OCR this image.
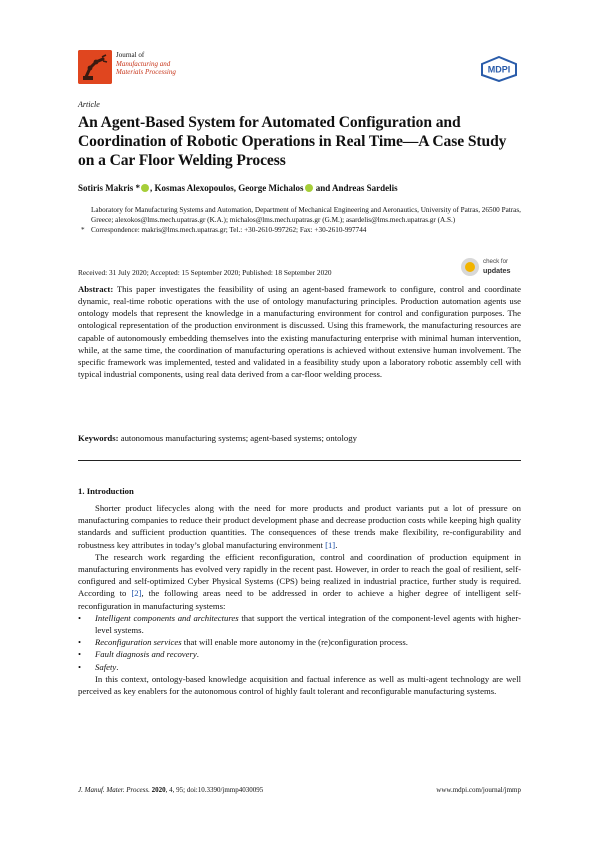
Journal of
Manufacturing and
Materials Processing	MDPI
Article
An Agent-Based System for Automated Configuration and Coordination of Robotic Operations in Real Time—A Case Study on a Car Floor Welding Process
Sotiris Makris * , Kosmas Alexopoulos, George Michalos and Andreas Sardelis
Laboratory for Manufacturing Systems and Automation, Department of Mechanical Engineering and Aeronautics, University of Patras, 26500 Patras, Greece; alexokos@lms.mech.upatras.gr (K.A.); michalos@lms.mech.upatras.gr (G.M.); asardelis@lms.mech.upatras.gr (A.S.)
* Correspondence: makris@lms.mech.upatras.gr; Tel.: +30-2610-997262; Fax: +30-2610-997744
Received: 31 July 2020; Accepted: 15 September 2020; Published: 18 September 2020
check for
updates
Abstract: This paper investigates the feasibility of using an agent-based framework to configure, control and coordinate dynamic, real-time robotic operations with the use of ontology manufacturing principles. Production automation agents use ontology models that represent the knowledge in a manufacturing environment for control and configuration purposes. The ontological representation of the production environment is discussed. Using this framework, the manufacturing resources are capable of autonomously embedding themselves into the existing manufacturing enterprise with minimal human intervention, while, at the same time, the coordination of manufacturing operations is achieved without extensive human involvement. The specific framework was implemented, tested and validated in a feasibility study upon a laboratory robotic assembly cell with typical industrial components, using real data derived from a car-floor welding process.
Keywords: autonomous manufacturing systems; agent-based systems; ontology
1. Introduction

Shorter product lifecycles along with the need for more products and product variants put a lot of pressure on manufacturing companies to reduce their product development phase and decrease production costs while keeping high quality standards and sufficient production quantities. The consequences of these trends make flexibility, re-configurability and robustness key attributes in today’s global manufacturing environment [1].

The research work regarding the efficient reconfiguration, control and coordination of production equipment in manufacturing environments has evolved very rapidly in the recent past. However, in order to reach the goal of resilient, self-configured and self-optimized Cyber Physical Systems (CPS) being realized in industrial practice, further study is required. According to [2], the following areas need to be addressed in order to achieve a higher degree of intelligent self-reconfiguration in manufacturing systems:

• Intelligent components and architectures that support the vertical integration of the component-level agents with higher-level systems.
• Reconfiguration services that will enable more autonomy in the (re)configuration process.
• Fault diagnosis and recovery.
• Safety.

In this context, ontology-based knowledge acquisition and factual inference as well as multi-agent technology are well perceived as key enablers for the autonomous control of highly fault tolerant and reconfigurable manufacturing systems.

J. Manuf. Mater. Process. 2020, 4, 95; doi:10.3390/jmmp4030095	www.mdpi.com/journal/jmmp
